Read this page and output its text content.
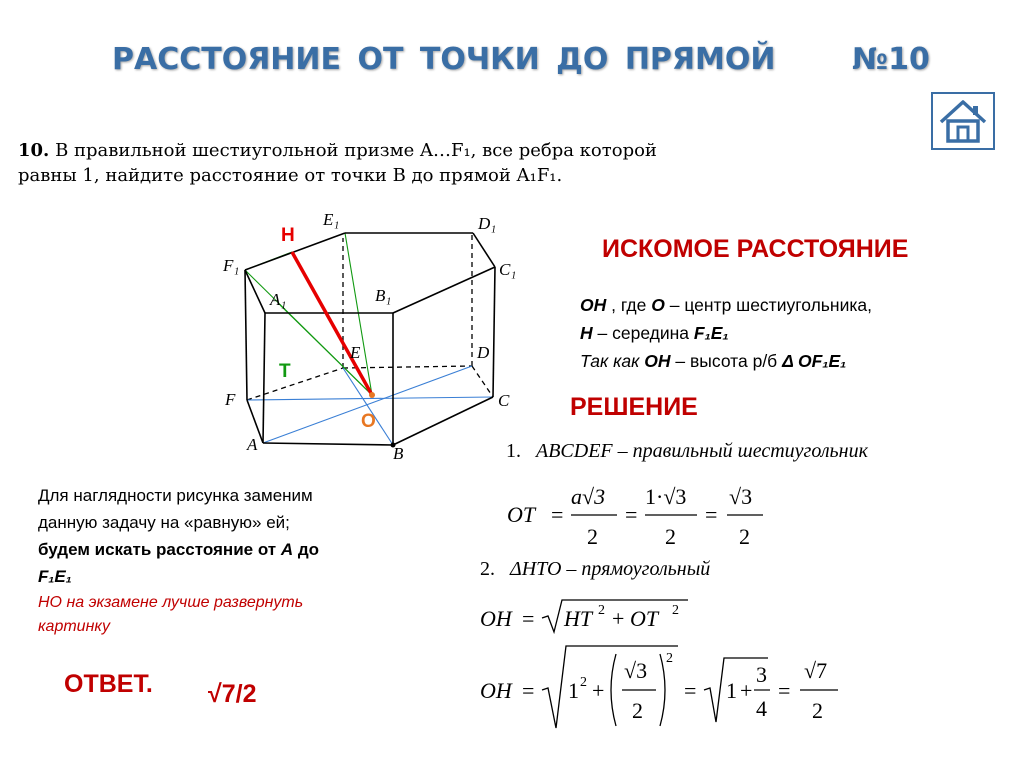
РАССТОЯНИЕ ОТ ТОЧКИ ДО ПРЯМОЙ	№10
10. В правильной шестиугольной призме A…F₁, все ребра которой
равны 1, найдите расстояние от точки B до прямой A₁F₁.
H
T
O
E₁	D₁
F₁	C₁
A₁	B₁
E	D
F	C
A	B
ИСКОМОЕ РАССТОЯНИЕ
OH , где O – центр шестиугольника,
H – середина F₁E₁
Так как OH – высота р/б Δ OF₁E₁
РЕШЕНИЕ
1. ABCDEF – правильный шестиугольник
OT =
a√3
2
=
1·√3
2
=
√3
2
2. ΔHTO – прямоугольный
OH = HT 2 + OT 2
OH = 1 2 +
√3
2
2
= 1 +
3
4
=
√7
2
Для наглядности рисунка заменим
данную задачу на «равную» ей;
будем искать расстояние от A до
F₁E₁
НО на экзамене лучше развернуть
картинку
ОТВЕТ. √7/2
